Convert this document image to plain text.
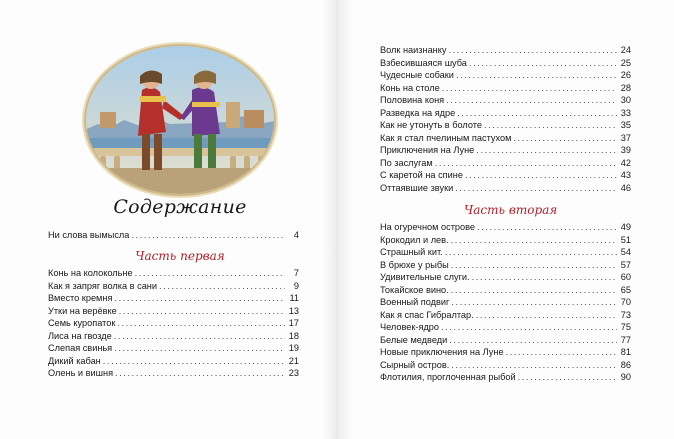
Содержание
Ни слова вымысла .....	4
Часть первая
Конь на колокольне .....	7
Как я запряг волка в сани .....	9
Вместо кремня .....	11
Утки на верёвке .....	13
Семь куропаток .....	17
Лиса на гвозде .....	18
Слепая свинья .....	19
Дикий кабан .....	21
Олень и вишня .....	23
Волк наизнанку .....	24
Взбесившаяся шуба .....	25
Чудесные собаки .....	26
Конь на столе .....	28
Половина коня .....	30
Разведка на ядре .....	33
Как не утонуть в болоте .....	35
Как я стал пчелиным пастухом .....	37
Приключения на Луне .....	39
По заслугам .....	42
С каретой на спине .....	43
Оттаявшие звуки .....	46
Часть вторая
На огуречном острове .....	49
Крокодил и лев. .....	51
Страшный кит. .....	54
В брюхе у рыбы .....	57
Удивительные слуги. .....	60
Токайское вино. .....	65
Военный подвиг .....	70
Как я спас Гибралтар. .....	73
Человек-ядро .....	75
Белые медведи .....	77
Новые приключения на Луне .....	81
Сырный остров. .....	86
Флотилия, проглоченная рыбой .....	90
